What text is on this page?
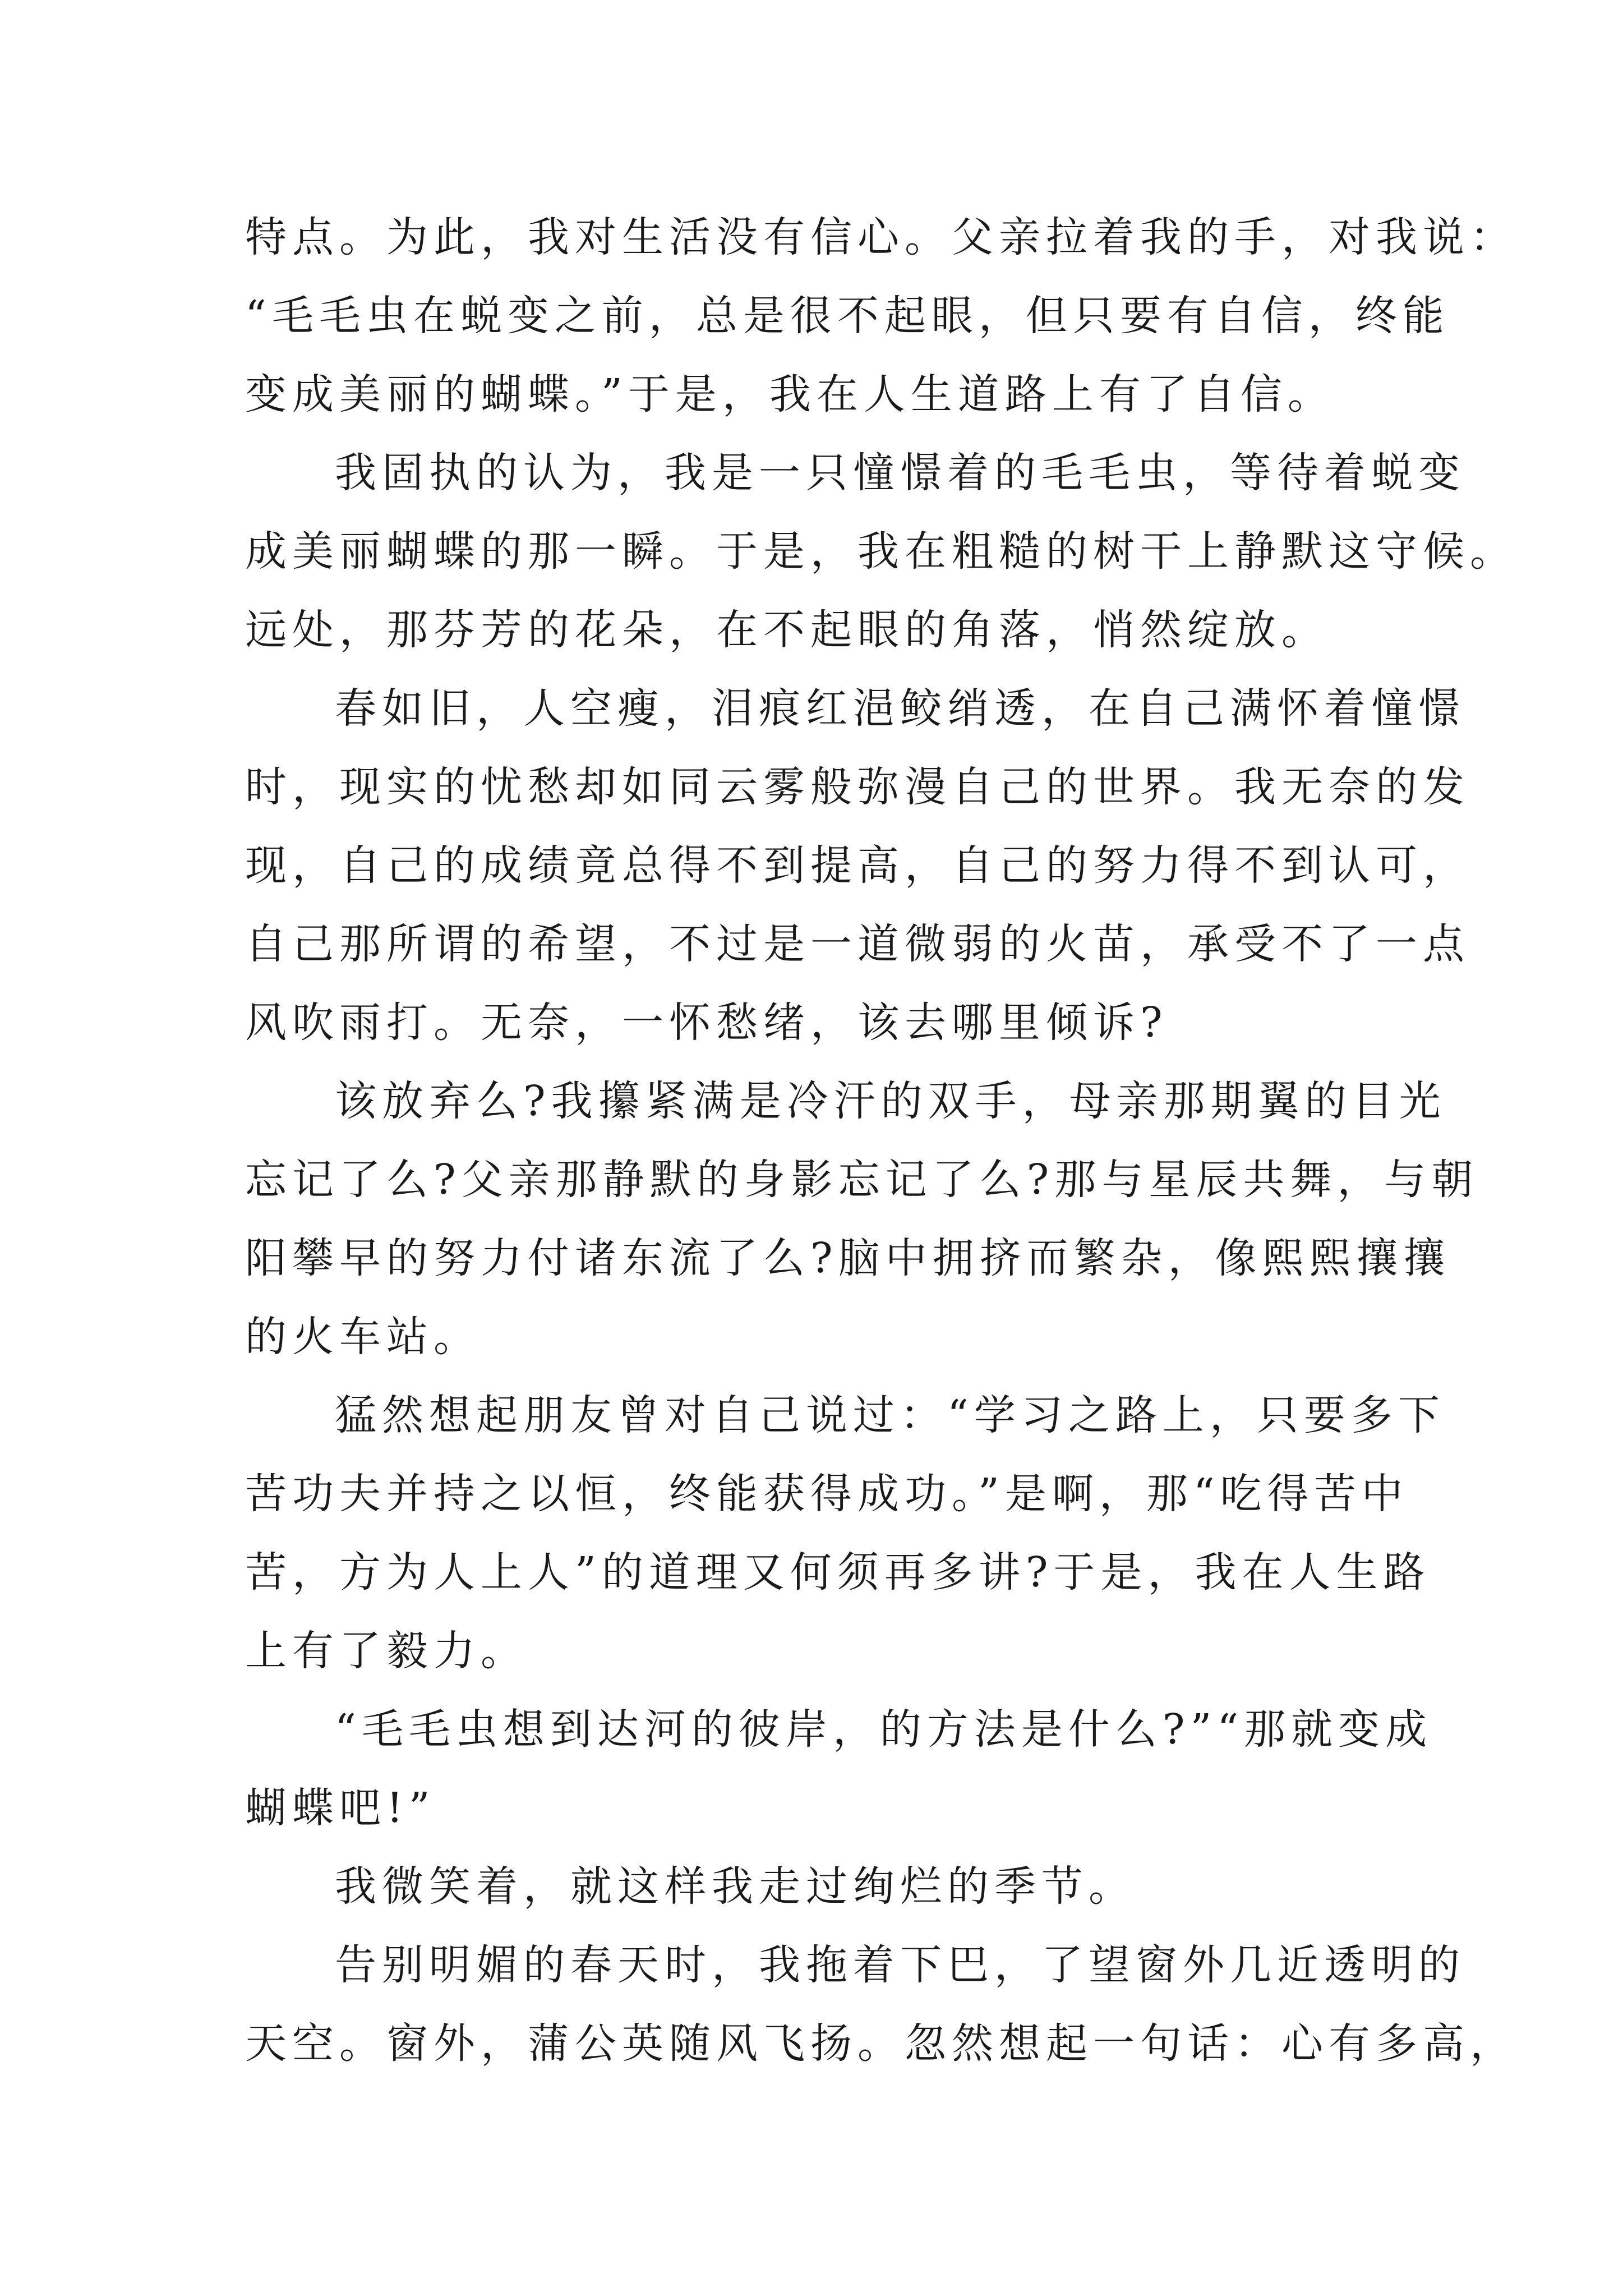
特点。为此，我对生活没有信心。父亲拉着我的手，对我说：
“毛毛虫在蜕变之前，总是很不起眼，但只要有自信，终能
变成美丽的蝴蝶。”于是，我在人生道路上有了自信。
我固执的认为，我是一只憧憬着的毛毛虫，等待着蜕变
成美丽蝴蝶的那一瞬。于是，我在粗糙的树干上静默这守候。
远处，那芬芳的花朵，在不起眼的角落，悄然绽放。
春如旧，人空瘦，泪痕红浥鲛绡透，在自己满怀着憧憬
时，现实的忧愁却如同云雾般弥漫自己的世界。我无奈的发
现，自己的成绩竟总得不到提高，自己的努力得不到认可，
自己那所谓的希望，不过是一道微弱的火苗，承受不了一点
风吹雨打。无奈，一怀愁绪，该去哪里倾诉?
该放弃么?我攥紧满是冷汗的双手，母亲那期翼的目光
忘记了么?父亲那静默的身影忘记了么?那与星辰共舞，与朝
阳攀早的努力付诸东流了么?脑中拥挤而繁杂，像熙熙攘攘
的火车站。
猛然想起朋友曾对自己说过：“学习之路上，只要多下
苦功夫并持之以恒，终能获得成功。”是啊，那“吃得苦中
苦，方为人上人”的道理又何须再多讲?于是，我在人生路
上有了毅力。
“毛毛虫想到达河的彼岸，的方法是什么?”“那就变成
蝴蝶吧!”
我微笑着，就这样我走过绚烂的季节。
告别明媚的春天时，我拖着下巴，了望窗外几近透明的
天空。窗外，蒲公英随风飞扬。忽然想起一句话：心有多高，
